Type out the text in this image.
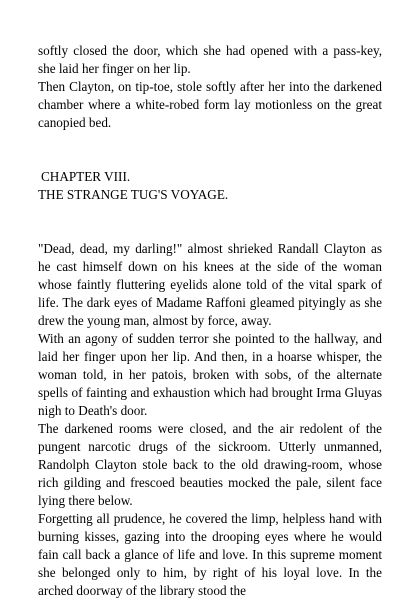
softly closed the door, which she had opened with a pass-key, she laid her finger on her lip.

Then Clayton, on tip-toe, stole softly after her into the darkened chamber where a white-robed form lay motionless on the great canopied bed.

CHAPTER VIII.

THE STRANGE TUG'S VOYAGE.

"Dead, dead, my darling!" almost shrieked Randall Clayton as he cast himself down on his knees at the side of the woman whose faintly fluttering eyelids alone told of the vital spark of life. The dark eyes of Madame Raffoni gleamed pityingly as she drew the young man, almost by force, away.

With an agony of sudden terror she pointed to the hallway, and laid her finger upon her lip. And then, in a hoarse whisper, the woman told, in her patois, broken with sobs, of the alternate spells of fainting and exhaustion which had brought Irma Gluyas nigh to Death's door.

The darkened rooms were closed, and the air redolent of the pungent narcotic drugs of the sickroom. Utterly unmanned, Randolph Clayton stole back to the old drawing-room, whose rich gilding and frescoed beauties mocked the pale, silent face lying there below.

Forgetting all prudence, he covered the limp, helpless hand with burning kisses, gazing into the drooping eyes where he would fain call back a glance of life and love. In this supreme moment she belonged only to him, by right of his loyal love. In the arched doorway of the library stood the
